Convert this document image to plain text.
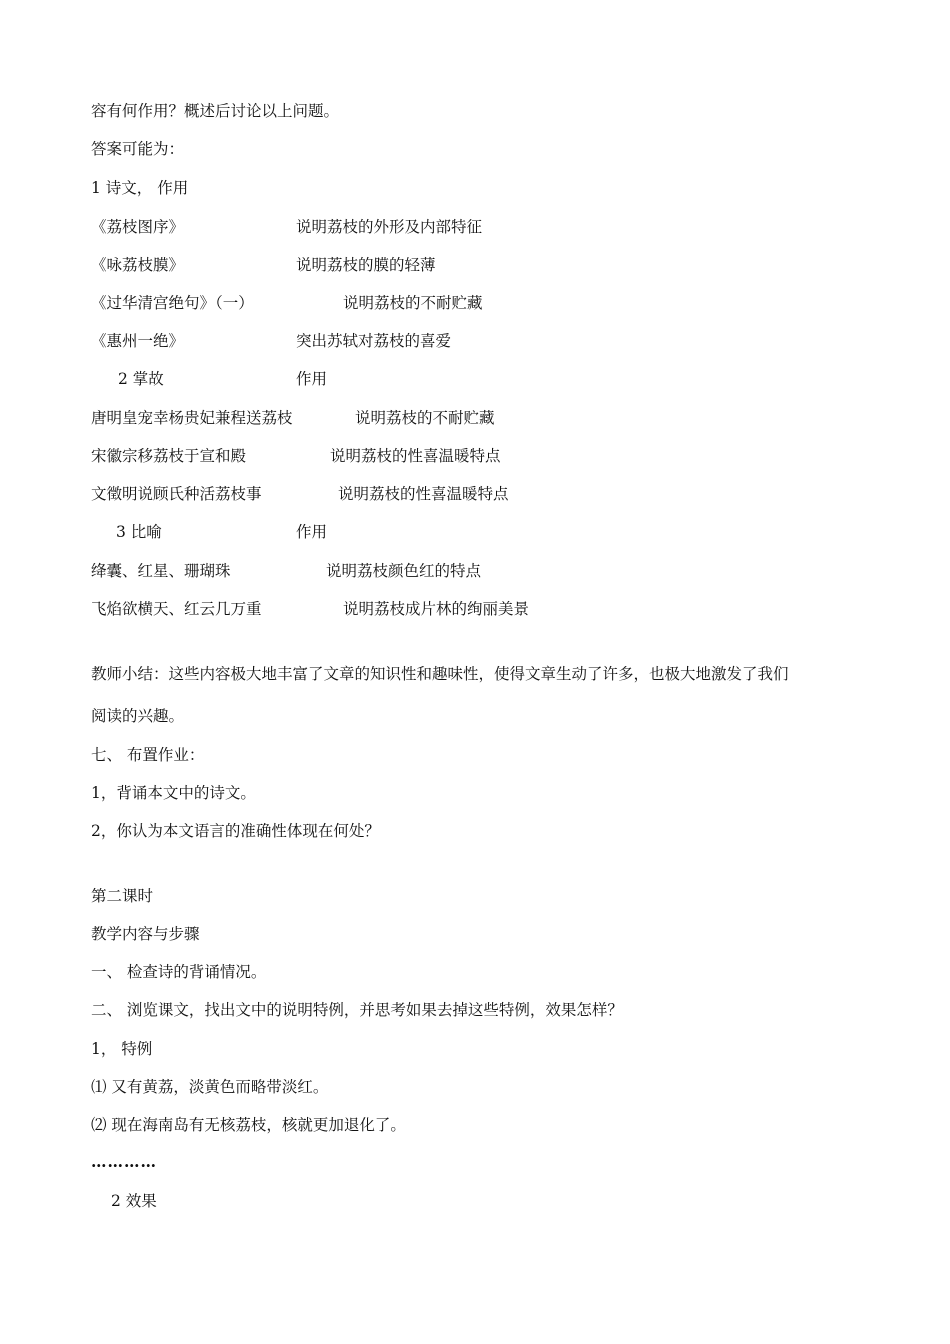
容有何作用？概述后讨论以上问题。
答案可能为：
1 诗文， 作用
《荔枝图序》	说明荔枝的外形及内部特征
《咏荔枝膜》	说明荔枝的膜的轻薄
《过华清宫绝句》（一）	说明荔枝的不耐贮藏
《惠州一绝》	突出苏轼对荔枝的喜爱
2 掌故	作用
唐明皇宠幸杨贵妃兼程送荔枝	说明荔枝的不耐贮藏
宋徽宗移荔枝于宣和殿	说明荔枝的性喜温暖特点
文徵明说顾氏种活荔枝事	说明荔枝的性喜温暖特点
3 比喻	作用
绛囊、红星、珊瑚珠	说明荔枝颜色红的特点
飞焰欲横天、红云几万重	说明荔枝成片林的绚丽美景
教师小结：这些内容极大地丰富了文章的知识性和趣味性，使得文章生动了许多，也极大地激发了我们
阅读的兴趣。
七、 布置作业：
1，背诵本文中的诗文。
2，你认为本文语言的准确性体现在何处？
第二课时
教学内容与步骤
一、 检查诗的背诵情况。
二、 浏览课文，找出文中的说明特例，并思考如果去掉这些特例，效果怎样？
1， 特例
⑴ 又有黄荔，淡黄色而略带淡红。
⑵ 现在海南岛有无核荔枝，核就更加退化了。
…………
2 效果
